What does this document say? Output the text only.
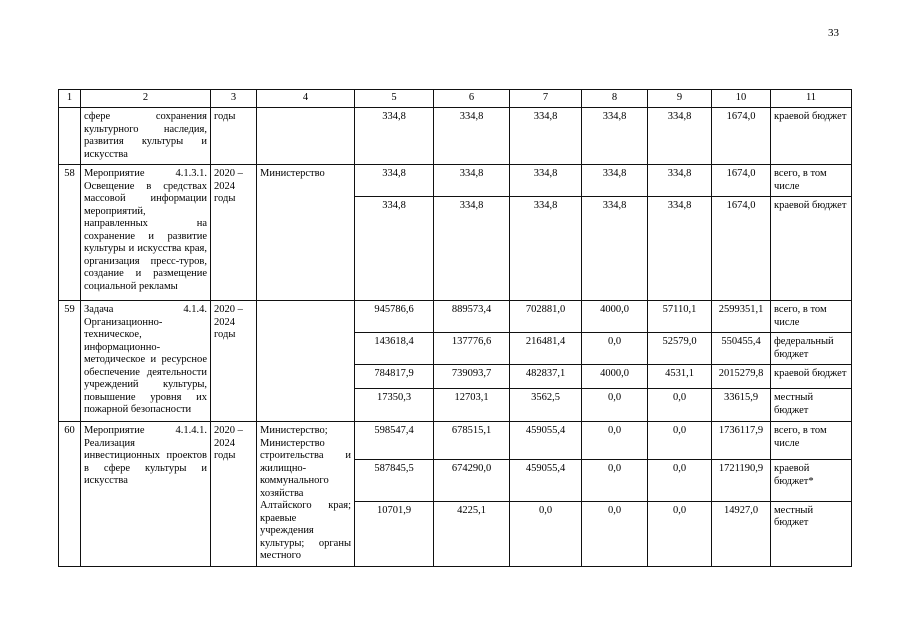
33
1	2	3	4	5	6	7	8	9	10	11
	сфере сохранения культурного наследия, развития культуры и искусства	годы		334,8	334,8	334,8	334,8	334,8	1674,0	краевой бюджет
58	Мероприятие 4.1.3.1. Освещение в средствах массовой информации мероприятий, направленных на сохранение и развитие культуры и искусства края, организация пресс-туров, создание и размещение социальной рекламы	2020 – 2024 годы	Министерство	334,8	334,8	334,8	334,8	334,8	1674,0	всего, в том числе
				334,8	334,8	334,8	334,8	334,8	1674,0	краевой бюджет
59	Задача 4.1.4. Организационно-техническое, информационно-методическое и ресурсное обеспечение деятельности учреждений культуры, повышение уровня их пожарной безопасности	2020 – 2024 годы		945786,6	889573,4	702881,0	4000,0	57110,1	2599351,1	всего, в том числе
				143618,4	137776,6	216481,4	0,0	52579,0	550455,4	федеральный бюджет
				784817,9	739093,7	482837,1	4000,0	4531,1	2015279,8	краевой бюджет
				17350,3	12703,1	3562,5	0,0	0,0	33615,9	местный бюджет
60	Мероприятие 4.1.4.1. Реализация инвестиционных проектов в сфере культуры и искусства	2020 – 2024 годы	Министерство; Министерство строительства и жилищно-коммунального хозяйства Алтайского края; краевые учреждения культуры; органы местного	598547,4	678515,1	459055,4	0,0	0,0	1736117,9	всего, в том числе
				587845,5	674290,0	459055,4	0,0	0,0	1721190,9	краевой бюджет*
				10701,9	4225,1	0,0	0,0	0,0	14927,0	местный бюджет
